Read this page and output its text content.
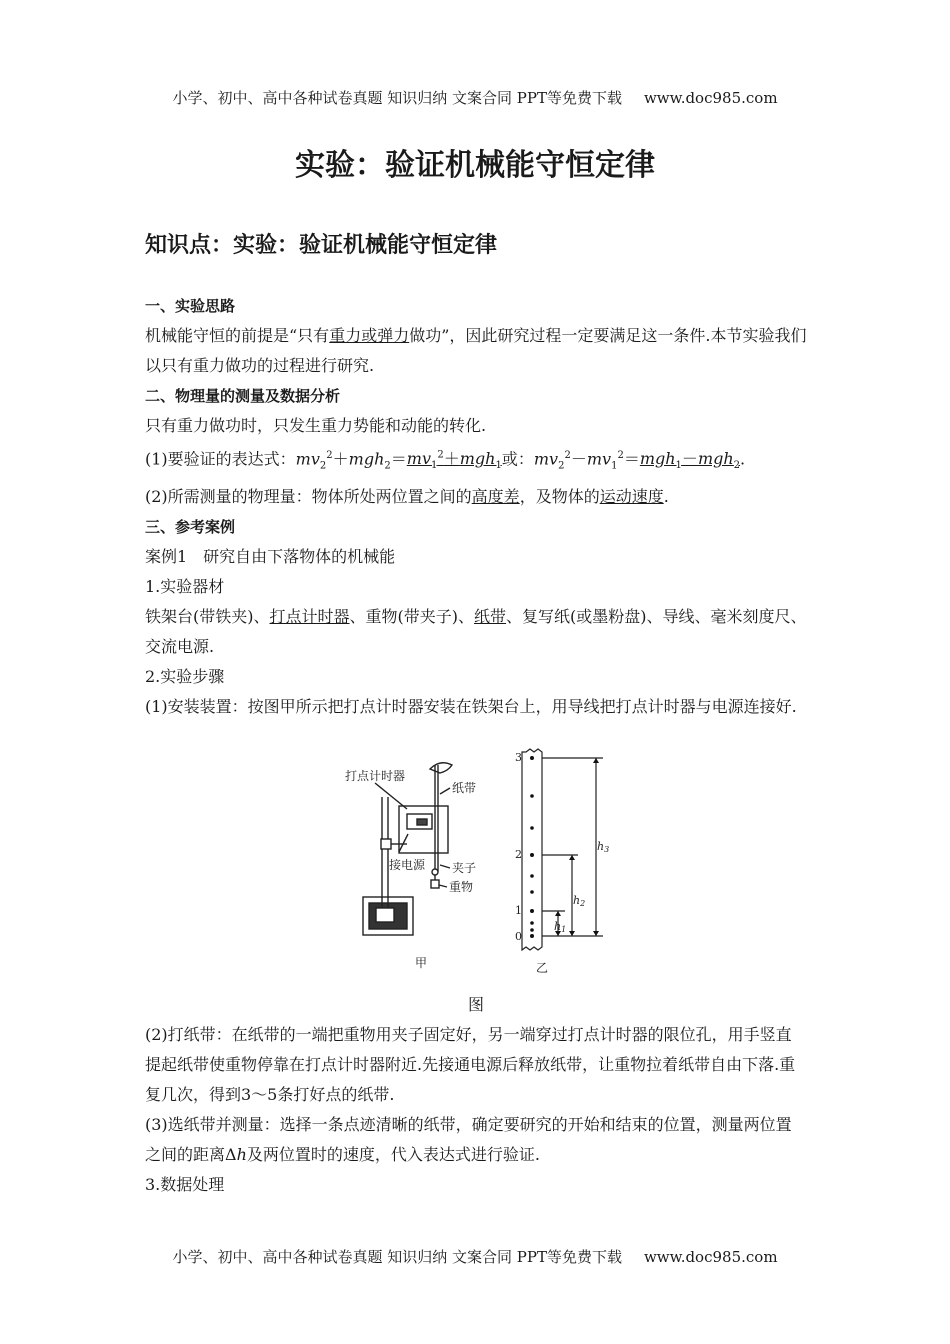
小学、初中、高中各种试卷真题 知识归纳 文案合同 PPT等免费下载 www.doc985.com
实验：验证机械能守恒定律
知识点：实验：验证机械能守恒定律

一、实验思路

机械能守恒的前提是“只有重力或弹力做功”，因此研究过程一定要满足这一条件.本节实验我们以只有重力做功的过程进行研究.

二、物理量的测量及数据分析

只有重力做功时，只发生重力势能和动能的转化.

(1)要验证的表达式：$mv_2^2+mgh_2=mv_1^2+mgh_1$或：$mv_2^2-mv_1^2=mgh_1-mgh_2$.

(2)所需测量的物理量：物体所处两位置之间的高度差，及物体的运动速度.

三、参考案例

案例1　研究自由下落物体的机械能

1.实验器材

铁架台(带铁夹)、打点计时器、重物(带夹子)、纸带、复写纸(或墨粉盘)、导线、毫米刻度尺、交流电源.

2.实验步骤

(1)安装装置：按图甲所示把打点计时器安装在铁架台上，用导线把打点计时器与电源连接好.

打点计时器
纸带
夹子
接电源
重物
甲
3
2
1
0
h1
h2
h3
乙

图

(2)打纸带：在纸带的一端把重物用夹子固定好，另一端穿过打点计时器的限位孔，用手竖直提起纸带使重物停靠在打点计时器附近.先接通电源后释放纸带，让重物拉着纸带自由下落.重复几次，得到3～5条打好点的纸带.

(3)选纸带并测量：选择一条点迹清晰的纸带，确定要研究的开始和结束的位置，测量两位置之间的距离Δh及两位置时的速度，代入表达式进行验证.

3.数据处理

小学、初中、高中各种试卷真题 知识归纳 文案合同 PPT等免费下载 www.doc985.com
